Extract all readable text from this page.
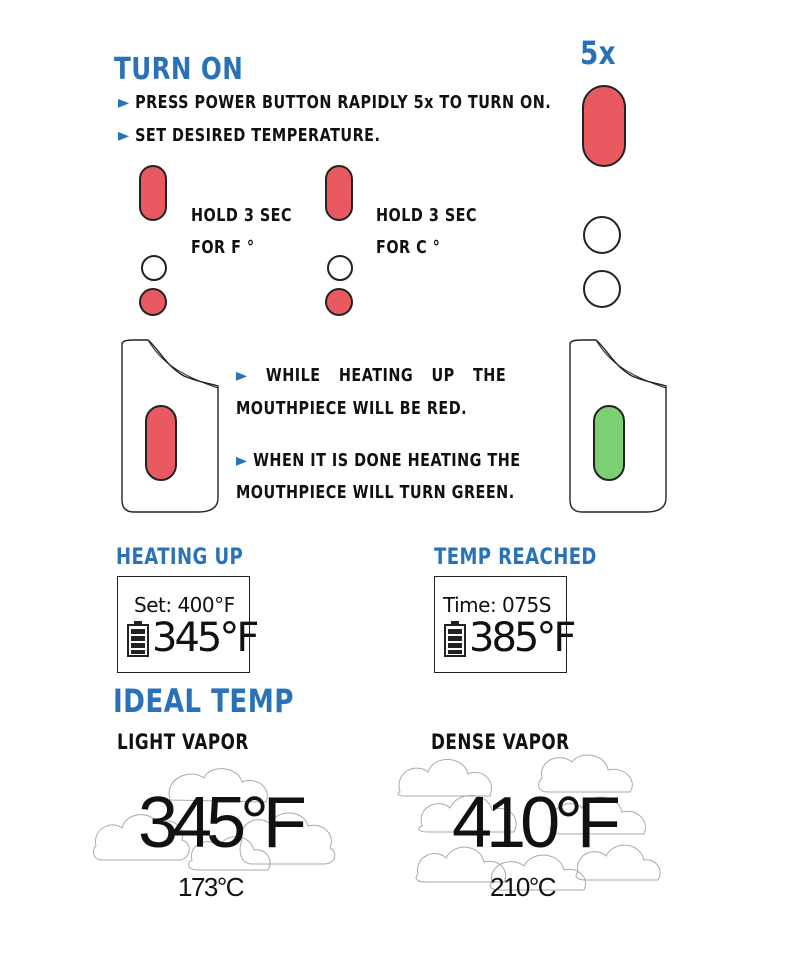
TURN ON
► PRESS POWER BUTTON RAPIDLY 5x TO TURN ON.
► SET DESIRED TEMPERATURE.
5x
HOLD 3 SEC
FOR F °
HOLD 3 SEC
FOR C °
► WHILE HEATING UP THE
MOUTHPIECE WILL BE RED.
► WHEN IT IS DONE HEATING THE
MOUTHPIECE WILL TURN GREEN.
HEATING UP
Set: 400°F
345°F
TEMP REACHED
Time: 075S
385°F
IDEAL TEMP
LIGHT VAPOR	DENSE VAPOR
345°F
173°C
410°F
210°C
